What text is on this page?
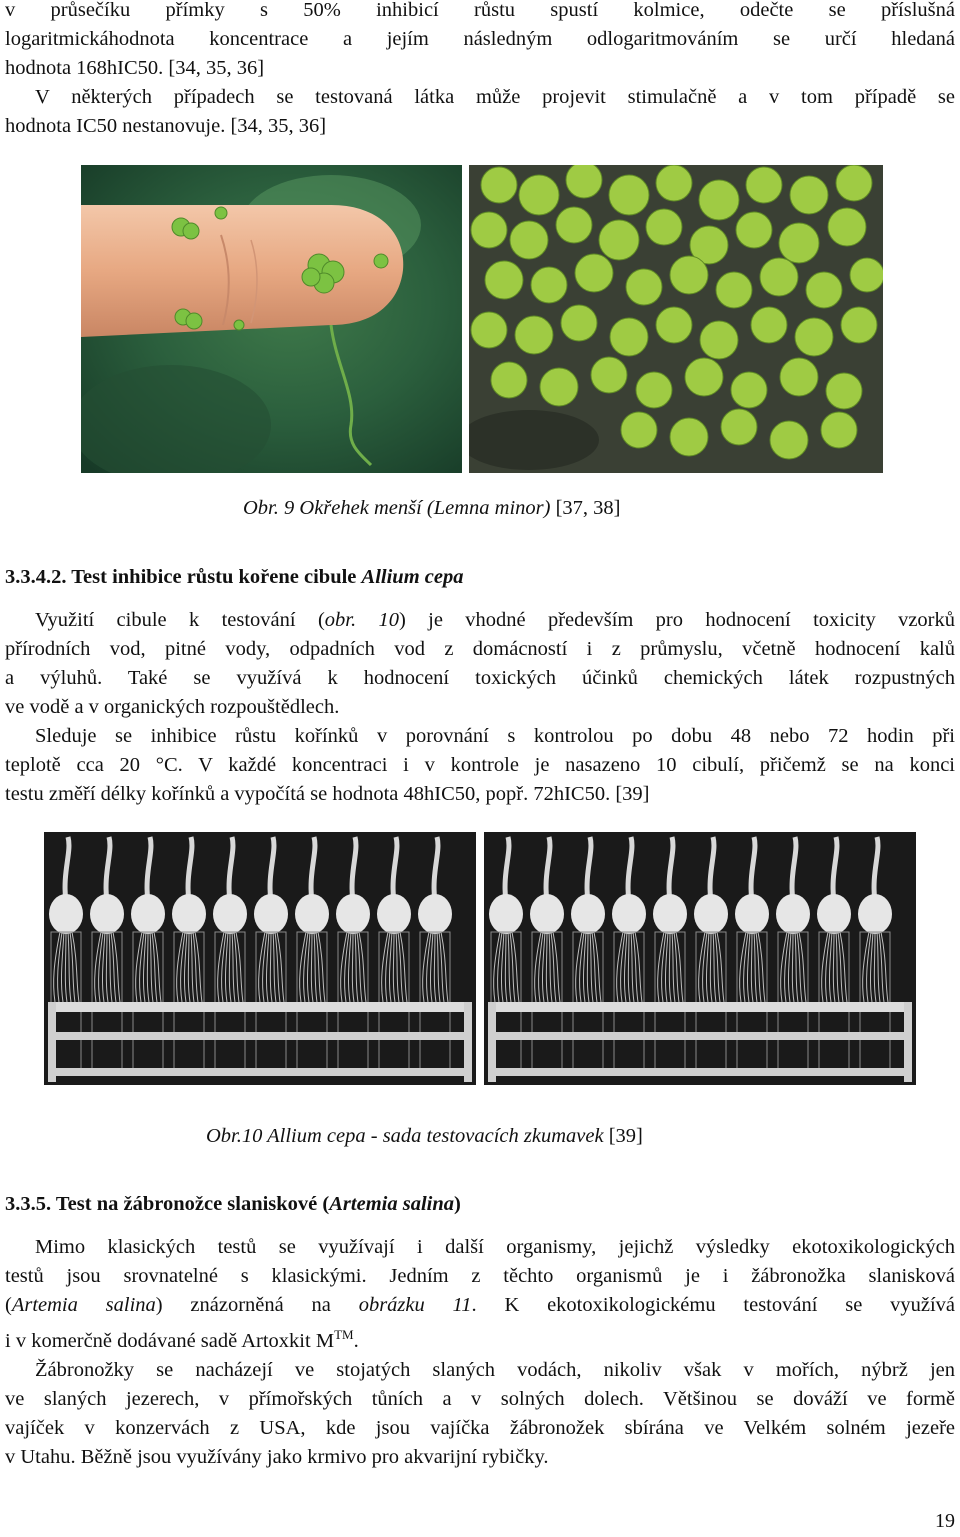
v průsečíku přímky s 50% inhibicí růstu spustí kolmice, odečte se příslušná
logaritmickáhodnota koncentrace a jejím následným odlogaritmováním se určí hledaná
hodnota 168hIC50. [34, 35, 36]
V některých případech se testovaná látka může projevit stimulačně a v tom případě se
hodnota IC50 nestanovuje. [34, 35, 36]
Obr. 9 Okřehek menší (Lemna minor) [37, 38]
3.3.4.2. Test inhibice růstu kořene cibule Allium cepa
Využití cibule k testování (obr. 10) je vhodné především pro hodnocení toxicity vzorků
přírodních vod, pitné vody, odpadních vod z domácností i z průmyslu, včetně hodnocení kalů
a výluhů. Také se využívá k hodnocení toxických účinků chemických látek rozpustných
ve vodě a v organických rozpouštědlech.
Sleduje se inhibice růstu kořínků v porovnání s kontrolou po dobu 48 nebo 72 hodin při
teplotě cca 20 °C. V každé koncentraci i v kontrole je nasazeno 10 cibulí, přičemž se na konci
testu změří délky kořínků a vypočítá se hodnota 48hIC50, popř. 72hIC50. [39]
Obr.10 Allium cepa - sada testovacích zkumavek [39]
3.3.5. Test na žábronožce slaniskové (Artemia salina)
Mimo klasických testů se využívají i další organismy, jejichž výsledky ekotoxikologických
testů jsou srovnatelné s klasickými. Jedním z těchto organismů je i žábronožka slanisková
(Artemia salina) znázorněná na obrázku 11. K ekotoxikologickému testování se využívá
i v komerčně dodávané sadě Artoxkit M™.
Žábronožky se nacházejí ve stojatých slaných vodách, nikoliv však v mořích, nýbrž jen
ve slaných jezerech, v přímořských tůních a v solných dolech. Většinou se dováží ve formě
vajíček v konzervách z USA, kde jsou vajíčka žábronožek sbírána ve Velkém solném jezeře
v Utahu. Běžně jsou využívány jako krmivo pro akvarijní rybičky.
19
